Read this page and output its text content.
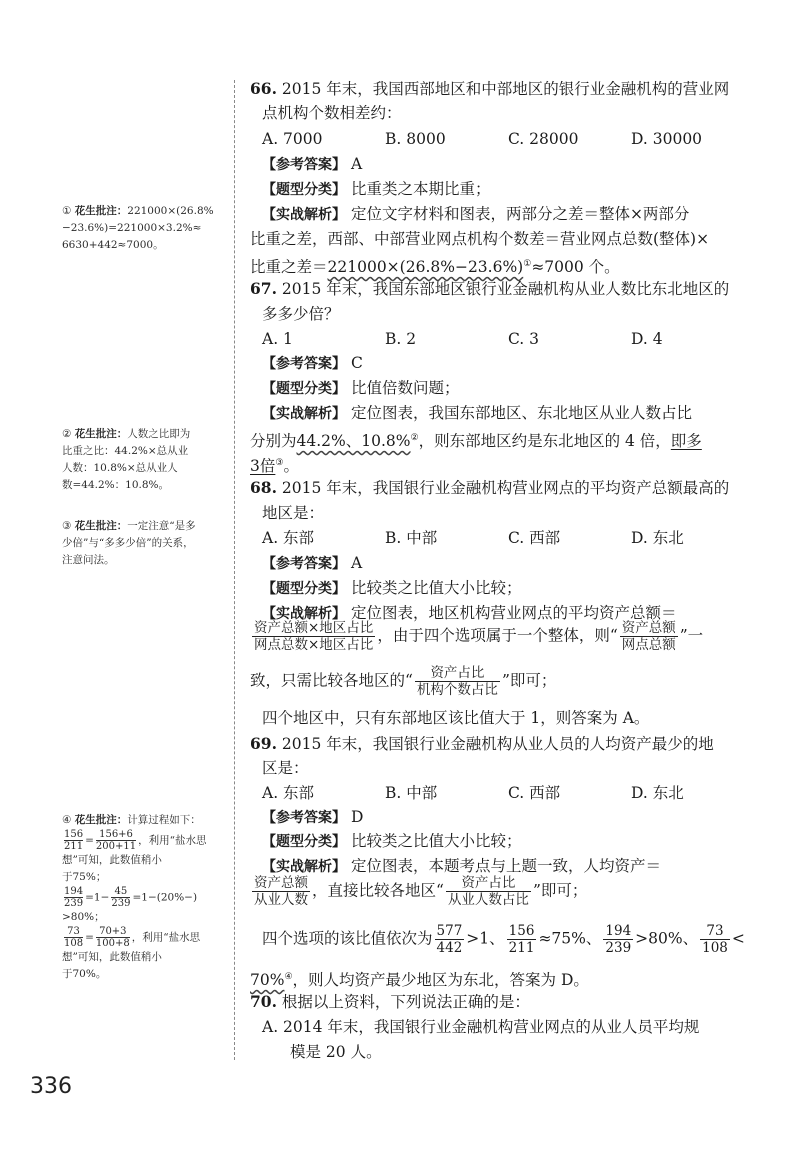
① 花生批注：221000×(26.8%
−23.6%)=221000×3.2%≈
6630+442≈7000。
② 花生批注：人数之比即为
比重之比：44.2%×总从业
人数：10.8%×总从业人
数=44.2%：10.8%。
③ 花生批注：一定注意“是多
少倍”与“多多少倍”的关系，
注意问法。
④ 花生批注：计算过程如下：
$\frac{156}{211} = \frac{156+6}{200+11}$ ，利用“盐水思
想”可知，此数值稍小
于75%；
$\frac{194}{239} =1- \frac{45}{239} =1-(20\%-)$
>80%；
$\frac{73}{108} = \frac{70+3}{100+8}$ ，利用“盐水思
想”可知，此数值稍小
于70%。
66. 2015 年末，我国西部地区和中部地区的银行业金融机构的营业网
点机构个数相差约：
A. 7000	B. 8000	C. 28000	D. 30000
【参考答案】 A
【题型分类】 比重类之本期比重；
【实战解析】 定位文字材料和图表，两部分之差＝整体×两部分
比重之差，西部、中部营业网点机构个数差＝营业网点总数(整体)×
比重之差＝221000×(26.8%−23.6%)①≈7000 个。
67. 2015 年末，我国东部地区银行业金融机构从业人数比东北地区的
多多少倍？
A. 1	B. 2	C. 3	D. 4
【参考答案】 C
【题型分类】 比值倍数问题；
【实战解析】 定位图表，我国东部地区、东北地区从业人数占比
分别为44.2%、10.8%②，则东部地区约是东北地区的 4 倍，即多
3倍③。
68. 2015 年末，我国银行业金融机构营业网点的平均资产总额最高的
地区是：
A. 东部	B. 中部	C. 西部	D. 东北
【参考答案】 A
【题型分类】 比较类之比值大小比较；
【实战解析】 定位图表，地区机构营业网点的平均资产总额＝
资产总额×地区占比
网点总数×地区占比
，由于四个选项属于一个整体，则“ 资产总额
网点总额
”一
致，只需比较各地区的“	资产占比
机构个数占比
”即可；
四个地区中，只有东部地区该比值大于 1，则答案为 A。
69. 2015 年末，我国银行业金融机构从业人员的人均资产最少的地
区是：
A. 东部	B. 中部	C. 西部	D. 东北
【参考答案】 D
【题型分类】 比较类之比值大小比较；
【实战解析】 定位图表，本题考点与上题一致，人均资产＝
资产总额
从业人数
，直接比较各地区“	资产占比
从业人数占比
”即可；
四个选项的该比值依次为 $\frac{577}{442} >1$、 $\frac{156}{211} \approx 75\%$、 $\frac{194}{239} >80\%$、 $\frac{73}{108}$ <
70%④，则人均资产最少地区为东北，答案为 D。
70. 根据以上资料，下列说法正确的是：
A. 2014 年末，我国银行业金融机构营业网点的从业人员平均规
模是 20 人。
336
